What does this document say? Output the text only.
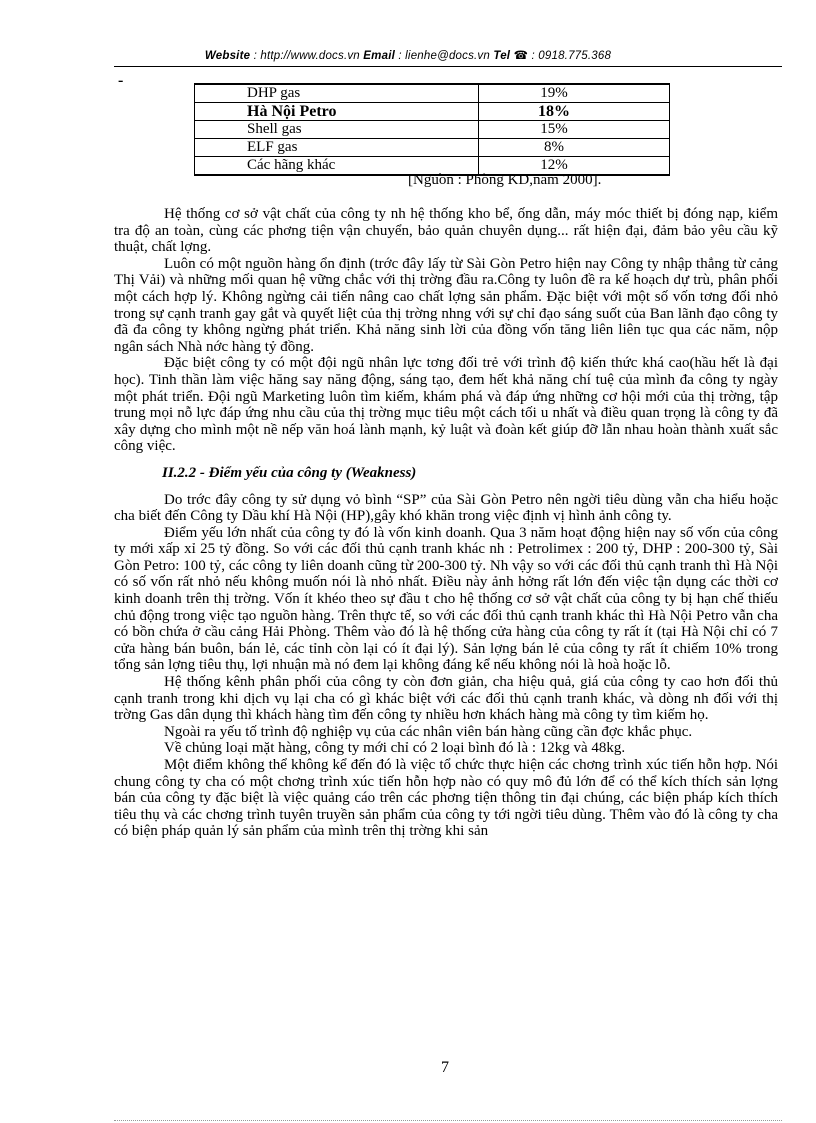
Website : http://www.docs.vn Email : lienhe@docs.vn Tel ☎ : 0918.775.368
-
DHP gas	19%
Hà Nội Petro	18%
Shell gas	15%
ELF gas	8%
Các hãng khác	12%
[Nguồn : Phòng KD,năm 2000].

Hệ thống cơ sở vật chất của công ty nh hệ thống kho bể, ống dẫn, máy móc thiết bị đóng nạp, kiểm tra độ an toàn, cùng các phơng tiện vận chuyển, bảo quản chuyên dụng... rất hiện đại, đảm bảo yêu cầu kỹ thuật, chất lợng.

Luôn có một nguồn hàng ổn định (trớc đây lấy từ Sài Gòn Petro hiện nay Công ty nhập thẳng từ cảng Thị Vải) và những mối quan hệ vững chắc với thị trờng đầu ra.Công ty luôn đề ra kế hoạch dự trù, phân phối một cách hợp lý. Không ngừng cải tiến nâng cao chất lợng sản phẩm. Đặc biệt với một số vốn tơng đối nhỏ trong sự cạnh tranh gay gắt và quyết liệt của thị trờng nhng với sự chỉ đạo sáng suốt của Ban lãnh đạo công ty đã đa công ty không ngừng phát triển. Khả năng sinh lời của đồng vốn tăng liên liên tục qua các năm, nộp ngân sách Nhà nớc hàng tỷ đồng.

Đặc biệt công ty có một đội ngũ nhân lực tơng đối trẻ với trình độ kiến thức khá cao(hầu hết là đại học). Tinh thần làm việc hăng say năng động, sáng tạo, đem hết khả năng chí tuệ của mình đa công ty ngày một phát triển. Đội ngũ Marketing luôn tìm kiếm, khám phá và đáp ứng những cơ hội mới của thị trờng, tập trung mọi nỗ lực đáp ứng nhu cầu của thị trờng mục tiêu một cách tối u nhất và điều quan trọng là công ty đã xây dựng cho mình một nề nếp văn hoá lành mạnh, kỷ luật và đoàn kết giúp đỡ lẫn nhau hoàn thành xuất sắc công việc.

II.2.2 - Điểm yếu của công ty (Weakness)

Do trớc đây công ty sử dụng vỏ bình “SP” của Sài Gòn Petro nên ngời tiêu dùng vẫn cha hiểu hoặc cha biết đến Công ty Dầu khí Hà Nội (HP),gây khó khăn trong việc định vị hình ảnh công ty.

Điểm yếu lớn nhất của công ty đó là vốn kinh doanh. Qua 3 năm hoạt động hiện nay số vốn của công ty mới xấp xỉ 25 tỷ đồng. So với các đối thủ cạnh tranh khác nh : Petrolimex : 200 tỷ, DHP : 200-300 tỷ, Sài Gòn Petro: 100 tỷ, các công ty liên doanh cũng từ 200-300 tỷ. Nh vậy so với các đối thủ cạnh tranh thì Hà Nội có số vốn rất nhỏ nếu không muốn nói là nhỏ nhất. Điều này ảnh hởng rất lớn đến việc tận dụng các thời cơ kinh doanh trên thị trờng. Vốn ít khéo theo sự đầu t cho hệ thống cơ sở vật chất của công ty bị hạn chế thiếu chủ động trong việc tạo nguồn hàng. Trên thực tế, so với các đối thủ cạnh tranh khác thì Hà Nội Petro vẫn cha có bồn chứa ở cầu cảng Hải Phòng. Thêm vào đó là hệ thống cửa hàng của công ty rất ít (tại Hà Nội chỉ có 7 cửa hàng bán buôn, bán lẻ, các tỉnh còn lại có ít đại lý). Sản lợng bán lẻ của công ty rất ít chiếm 10% trong tổng sản lợng tiêu thụ, lợi nhuận mà nó đem lại không đáng kể nếu không nói là hoà hoặc lỗ.

Hệ thống kênh phân phối của công ty còn đơn giản, cha hiệu quả, giá của công ty cao hơn đối thủ cạnh tranh trong khi dịch vụ lại cha có gì khác biệt với các đối thủ cạnh tranh khác, và dòng nh đối với thị trờng Gas dân dụng thì khách hàng tìm đến công ty nhiều hơn khách hàng mà công ty tìm kiếm họ.

Ngoài ra yếu tố trình độ nghiệp vụ của các nhân viên bán hàng cũng cần đợc khắc phục.

Về chủng loại mặt hàng, công ty mới chỉ có 2 loại bình đó là : 12kg và 48kg.

Một điểm không thể không kể đến đó là việc tổ chức thực hiện các chơng trình xúc tiến hỗn hợp. Nói chung công ty cha có một chơng trình xúc tiến hỗn hợp nào có quy mô đủ lớn để có thể kích thích sản lợng bán của công ty đặc biệt là việc quảng cáo trên các phơng tiện thông tin đại chúng, các biện pháp kích thích tiêu thụ và các chơng trình tuyên truyền sản phẩm của công ty tới ngời tiêu dùng. Thêm vào đó là công ty cha có biện pháp quản lý sản phẩm của mình trên thị trờng khi sản

7
